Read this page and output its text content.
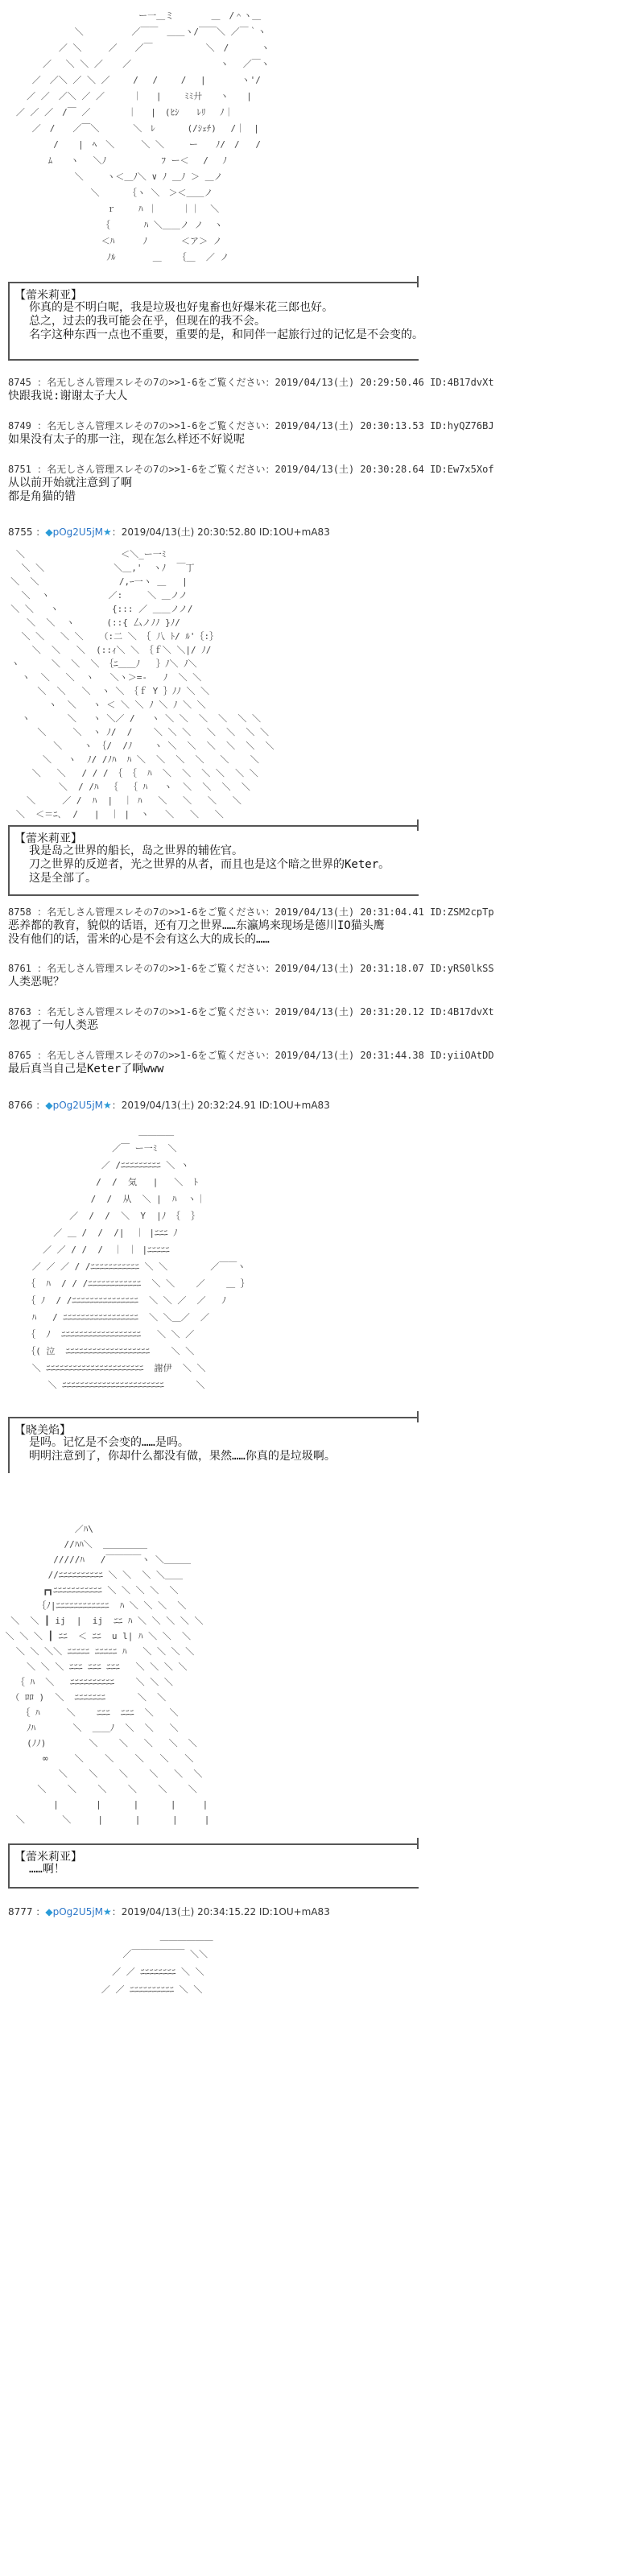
ー一＿ミ       ＿　/＾ヽ＿
＼         ／￣￣　＿＿ヽ/￣￣＼ ／￣｀ヽ
／ ＼     ／　　／￣　　　　　　＼　/　　　 ヽ
／　 ＼ ＼ ／　  ／　　　　　　　　　　ヽ　 ／￣ヽ
／　／＼ ／ ＼ ／　　 /　 /　　 /　 |　　　　ヽ'/
／ ／　／＼ ／ ／　　  ｜　 |　　 ﾐﾐ廾　　ヽ　　|
／ ／ ／　/￣ ／　　　  ｜　 |　(ﾋｼ　　ﾚﾘ　 ﾉ｜
／　/　　／￣＼　　   ＼　ﾚ      (/ｼｪﾁ)　 /｜　|
/　  |　ﾍ　＼     ＼ ＼　   ー　　ﾉ/　/   /
ﾑ　　ヽ　 ＼ﾉ　  　　　　ﾌ ー＜　 /　 ﾉ
＼　　 ヽ＜＿ﾉ＼ ∨ ﾉ ＿ﾉ ＞ ＿ノ
＼　　  ｛ヽ ＼　＞＜＿＿ノ
ｒ　　 ﾊ ｜　   ｜｜  ＼
｛　　   ﾊ ＼＿＿ノ ノ  ヽ
＜ﾊ　　  ﾉ　　   ＜ア＞ ノ
ﾉﾙ       ＿   ｛＿  ／ ノ
【蕾米莉亚】
你真的是不明白呢，我是垃圾也好鬼畜也好爆米花三郎也好。
总之，过去的我可能会在乎，但现在的我不会。
名字这种东西一点也不重要，重要的是，和同伴一起旅行过的记忆是不会变的。
8745 ：名无しさん管理スレその7の>>1-6をご覧ください：2019/04/13(土) 20:29:50.46 ID:4B17dvXt
快跟我说:谢谢太子大人
8749 ：名无しさん管理スレその7の>>1-6をご覧ください：2019/04/13(土) 20:30:13.53 ID:hyQZ76BJ
如果没有太子的那一注，现在怎么样还不好说呢
8751 ：名无しさん管理スレその7の>>1-6をご覧ください：2019/04/13(土) 20:30:28.64 ID:Ew7x5Xof
从以前开始就注意到了啊
都是角猫的错
8755 ：◆pOg2U5jM★：2019/04/13(土) 20:30:52.80 ID:1OU+mA83
＼                  ＜＼_ー一ﾐ
＼ ＼             ＼＿,'  ヽﾉ  ￣丁
＼  ＼               /,ｰ一ヽ ＿   |
＼  ヽ           ／:　   ＼ ＿ノノ
＼ ＼   ヽ          {::: ／ ＿＿ノノ/
＼  ＼  ヽ      (::{ 厶ノﾉﾉ }ﾉ/
＼ ＼   ＼ ＼   （:二 ＼ ｛ 八 ﾄ/ ﾙ'｛:｝
＼  ＼   ＼  (::ｨ＼ ＼ ｛ｆ＼ ＼|/ ﾉ/
ヽ      ＼  ＼  ＼ ｛ﾆ＿＿ﾉ   ｝ﾉ＼ ﾉ＼
ヽ  ＼   ＼  ヽ   ＼ヽ＞=-   ﾉ  ＼ ＼
＼  ＼   ＼  ヽ ＼ ｛ｆ Y ｝ﾉﾉ ＼ ＼
ヽ  ＼   ヽ ＜ ＼ ＼ ﾉ ＼ ﾉ ＼ ＼
ヽ       ＼   ヽ ＼／ /   ヽ ＼ ＼  ＼  ＼  ＼ ＼
＼     ＼  ヽ ﾉ/  /    ＼ ＼ ＼   ＼  ＼  ＼ ＼
＼    ヽ ｛/  /ﾉ    ヽ ＼  ＼  ＼  ＼  ＼  ＼
＼   ヽ  ﾉ/ /ﾉﾊ  ﾊ ＼  ＼  ＼  ＼   ＼    ＼
＼   ＼   / / / ｛ ｛  ﾊ  ＼  ＼  ＼ ＼  ＼ ＼
＼  / /ﾊ  ｛  ｛ ﾊ   ヽ  ＼  ＼  ＼  ＼
＼     ／ /  ﾊ  |  ｜ ﾊ   ＼   ＼   ＼   ＼
＼  ＜＝ﾆ､  /   |  ｜ |  ヽ   ＼   ＼   ＼
【蕾米莉亚】
我是岛之世界的船长，岛之世界的辅佐官。
刀之世界的反逆者，光之世界的从者，而且也是这个暗之世界的Keter。
这是全部了。
8758 ：名无しさん管理スレその7の>>1-6をご覧ください：2019/04/13(土) 20:31:04.41 ID:ZSM2cpTp
恶养都的教育，貌似的话语，还有刀之世界……东瀛鸠来现场是德川IO猫头鹰
没有他们的话，雷米的心是不会有这么大的成长的……
8761 ：名无しさん管理スレその7の>>1-6をご覧ください：2019/04/13(土) 20:31:18.07 ID:yRS0lkSS
人类恶呢？
8763 ：名无しさん管理スレその7の>>1-6をご覧ください：2019/04/13(土) 20:31:20.12 ID:4B17dvXt
忽视了一句人类恶
8765 ：名无しさん管理スレその7の>>1-6をご覧ください：2019/04/13(土) 20:31:44.38 ID:yiiOAtDD
最后真当自己是Keter了啊www
8766 ：◆pOg2U5jM★：2019/04/13(土) 20:32:24.91 ID:1OU+mA83
＿＿＿＿
／￣ ー一ﾐ  ＼
／ /ﾆﾆﾆﾆﾆﾆﾆﾆﾆ ＼ ヽ
/  /  気   |   ＼  ﾄ
/  /  从  ＼ |  ﾊ  ヽ｜
／  /  /  ＼  Y  |ﾉ ｛  ｝
／ ＿ /  /  /|  ｜ |ﾆﾆﾆ ﾉ
／ ／ / /  /  ｜ ｜ |ﾆﾆﾆﾆﾆ
／ ／ ／ / /ﾆﾆﾆﾆﾆﾆﾆﾆﾆﾆﾆ ＼ ＼        ／￣￣ヽ
｛  ﾊ  / / /ﾆﾆﾆﾆﾆﾆﾆﾆﾆﾆﾆﾆ  ＼ ＼    ／    ＿ ｝
｛ ﾉ  / /ﾆﾆﾆﾆﾆﾆﾆﾆﾆﾆﾆﾆﾆﾆﾆ  ＼ ＼ ／  ／   ﾉ
ﾊ   / ﾆﾆﾆﾆﾆﾆﾆﾆﾆﾆﾆﾆﾆﾆﾆﾆﾆ  ＼ ＼＿／  ／
｛  ﾉ  ﾆﾆﾆﾆﾆﾆﾆﾆﾆﾆﾆﾆﾆﾆﾆﾆﾆﾆ   ＼ ＼ ／
｛( 泣  ﾆﾆﾆﾆﾆﾆﾆﾆﾆﾆﾆﾆﾆﾆﾆﾆﾆﾆﾆ    ＼ ＼
＼ ﾆﾆﾆﾆﾆﾆﾆﾆﾆﾆﾆﾆﾆﾆﾆﾆﾆﾆﾆﾆﾆﾆ  謝伊  ＼ ＼
＼ ﾆﾆﾆﾆﾆﾆﾆﾆﾆﾆﾆﾆﾆﾆﾆﾆﾆﾆﾆﾆﾆﾆﾆ      ＼
【晓美焰】
是吗。记忆是不会变的……是吗。
明明注意到了，你却什么都没有做，果然……你真的是垃圾啊。
／ﾊ\
//ﾊﾊ＼  ＿＿＿＿＿
/////ﾊ   /￣￣￣￣ヽ ＼＿＿＿
//ﾆﾆﾆﾆﾆﾆﾆﾆﾆﾆ ＼ ＼  ＼ ＼＿＿
┏┓ﾆﾆﾆﾆﾆﾆﾆﾆﾆﾆﾆ ＼ ＼ ＼ ＼  ＼
｛ﾉ|ﾆﾆﾆﾆﾆﾆﾆﾆﾆﾆﾆﾆ  ﾊ ＼ ＼ ＼  ＼
＼  ＼ ┃ ij  |  ij  ﾆﾆ ﾊ ＼ ＼ ＼ ＼ ＼
＼ ＼ ＼ ┃ ﾆﾆ  ＜ ﾆﾆ  u l| ﾊ ＼ ＼  ＼
＼ ＼ ＼＼ ﾆﾆﾆﾆﾆ ﾆﾆﾆﾆﾆ ﾊ   ＼ ＼ ＼ ＼
＼ ＼ ＼ ﾆﾆﾆ ﾆﾆﾆ ﾆﾆﾆ   ＼ ＼ ＼ ＼
｛ ﾊ  ＼   ﾆﾆﾆﾆﾆﾆﾆﾆﾆﾆ    ＼ ＼ ＼
（ ﾛﾛ )  ＼  ﾆﾆﾆﾆﾆﾆﾆ      ＼  ＼
｛ ﾊ     ＼    ﾆﾆﾆ  ﾆﾆﾆ  ＼   ＼
ﾉﾊ       ＼  ＿＿ﾉ  ＼  ＼   ＼
(ﾉﾉ)        ＼    ＼   ＼   ＼  ＼
∞     ＼    ＼    ＼   ＼   ＼
＼    ＼    ＼    ＼   ＼  ＼
＼    ＼    ＼    ＼    ＼    ＼
|       |      |      |     |
＼       ＼     |      |      |     |
【蕾米莉亚】
……啊！
8777 ：◆pOg2U5jM★：2019/04/13(土) 20:34:15.22 ID:1OU+mA83
＿＿＿＿＿＿
／￣￣￣￣￣￣ ＼＼
／ ／ ﾆﾆﾆﾆﾆﾆﾆﾆ ＼ ＼
／ ／ ﾆﾆﾆﾆﾆﾆﾆﾆﾆﾆ ＼ ＼
